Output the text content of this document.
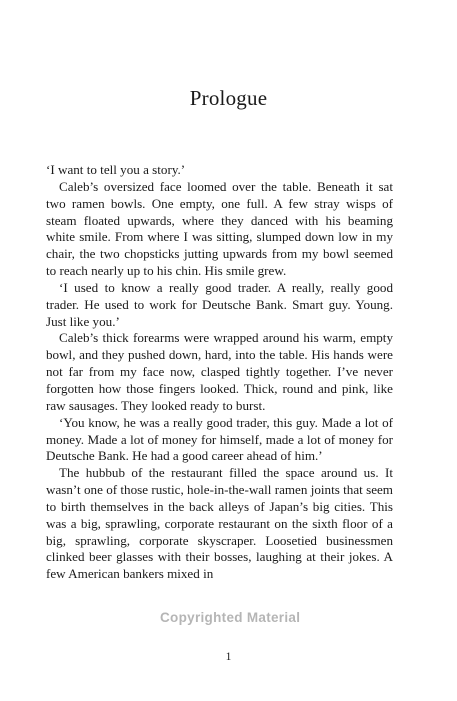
Prologue

‘I want to tell you a story.’

Caleb’s oversized face loomed over the table. Beneath it sat two ramen bowls. One empty, one full. A few stray wisps of steam floated upwards, where they danced with his beaming white smile. From where I was sitting, slumped down low in my chair, the two chopsticks jutting upwards from my bowl seemed to reach nearly up to his chin. His smile grew.

‘I used to know a really good trader. A really, really good trader. He used to work for Deutsche Bank. Smart guy. Young. Just like you.’

Caleb’s thick forearms were wrapped around his warm, empty bowl, and they pushed down, hard, into the table. His hands were not far from my face now, clasped tightly together. I’ve never forgotten how those fingers looked. Thick, round and pink, like raw sausages. They looked ready to burst.

‘You know, he was a really good trader, this guy. Made a lot of money. Made a lot of money for himself, made a lot of money for Deutsche Bank. He had a good career ahead of him.’

The hubbub of the restaurant filled the space around us. It wasn’t one of those rustic, hole-in-the-wall ramen joints that seem to birth themselves in the back alleys of Japan’s big cities. This was a big, sprawling, corporate restaurant on the sixth floor of a big, sprawling, corporate skyscraper. Loosetied businessmen clinked beer glasses with their bosses, laughing at their jokes. A few American bankers mixed in

Copyrighted Material
1
